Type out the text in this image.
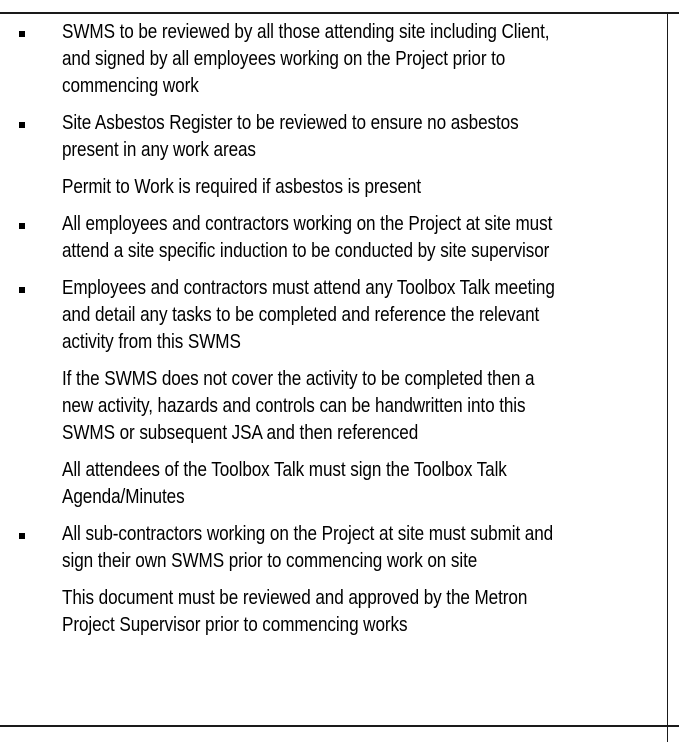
SWMS to be reviewed by all those attending site including Client,
and signed by all employees working on the Project prior to
commencing work
Site Asbestos Register to be reviewed to ensure no asbestos
present in any work areas
Permit to Work is required if asbestos is present
All employees and contractors working on the Project at site must
attend a site specific induction to be conducted by site supervisor
Employees and contractors must attend any Toolbox Talk meeting
and detail any tasks to be completed and reference the relevant
activity from this SWMS
If the SWMS does not cover the activity to be completed then a
new activity, hazards and controls can be handwritten into this
SWMS or subsequent JSA and then referenced
All attendees of the Toolbox Talk must sign the Toolbox Talk
Agenda/Minutes
All sub-contractors working on the Project at site must submit and
sign their own SWMS prior to commencing work on site
This document must be reviewed and approved by the Metron
Project Supervisor prior to commencing works
